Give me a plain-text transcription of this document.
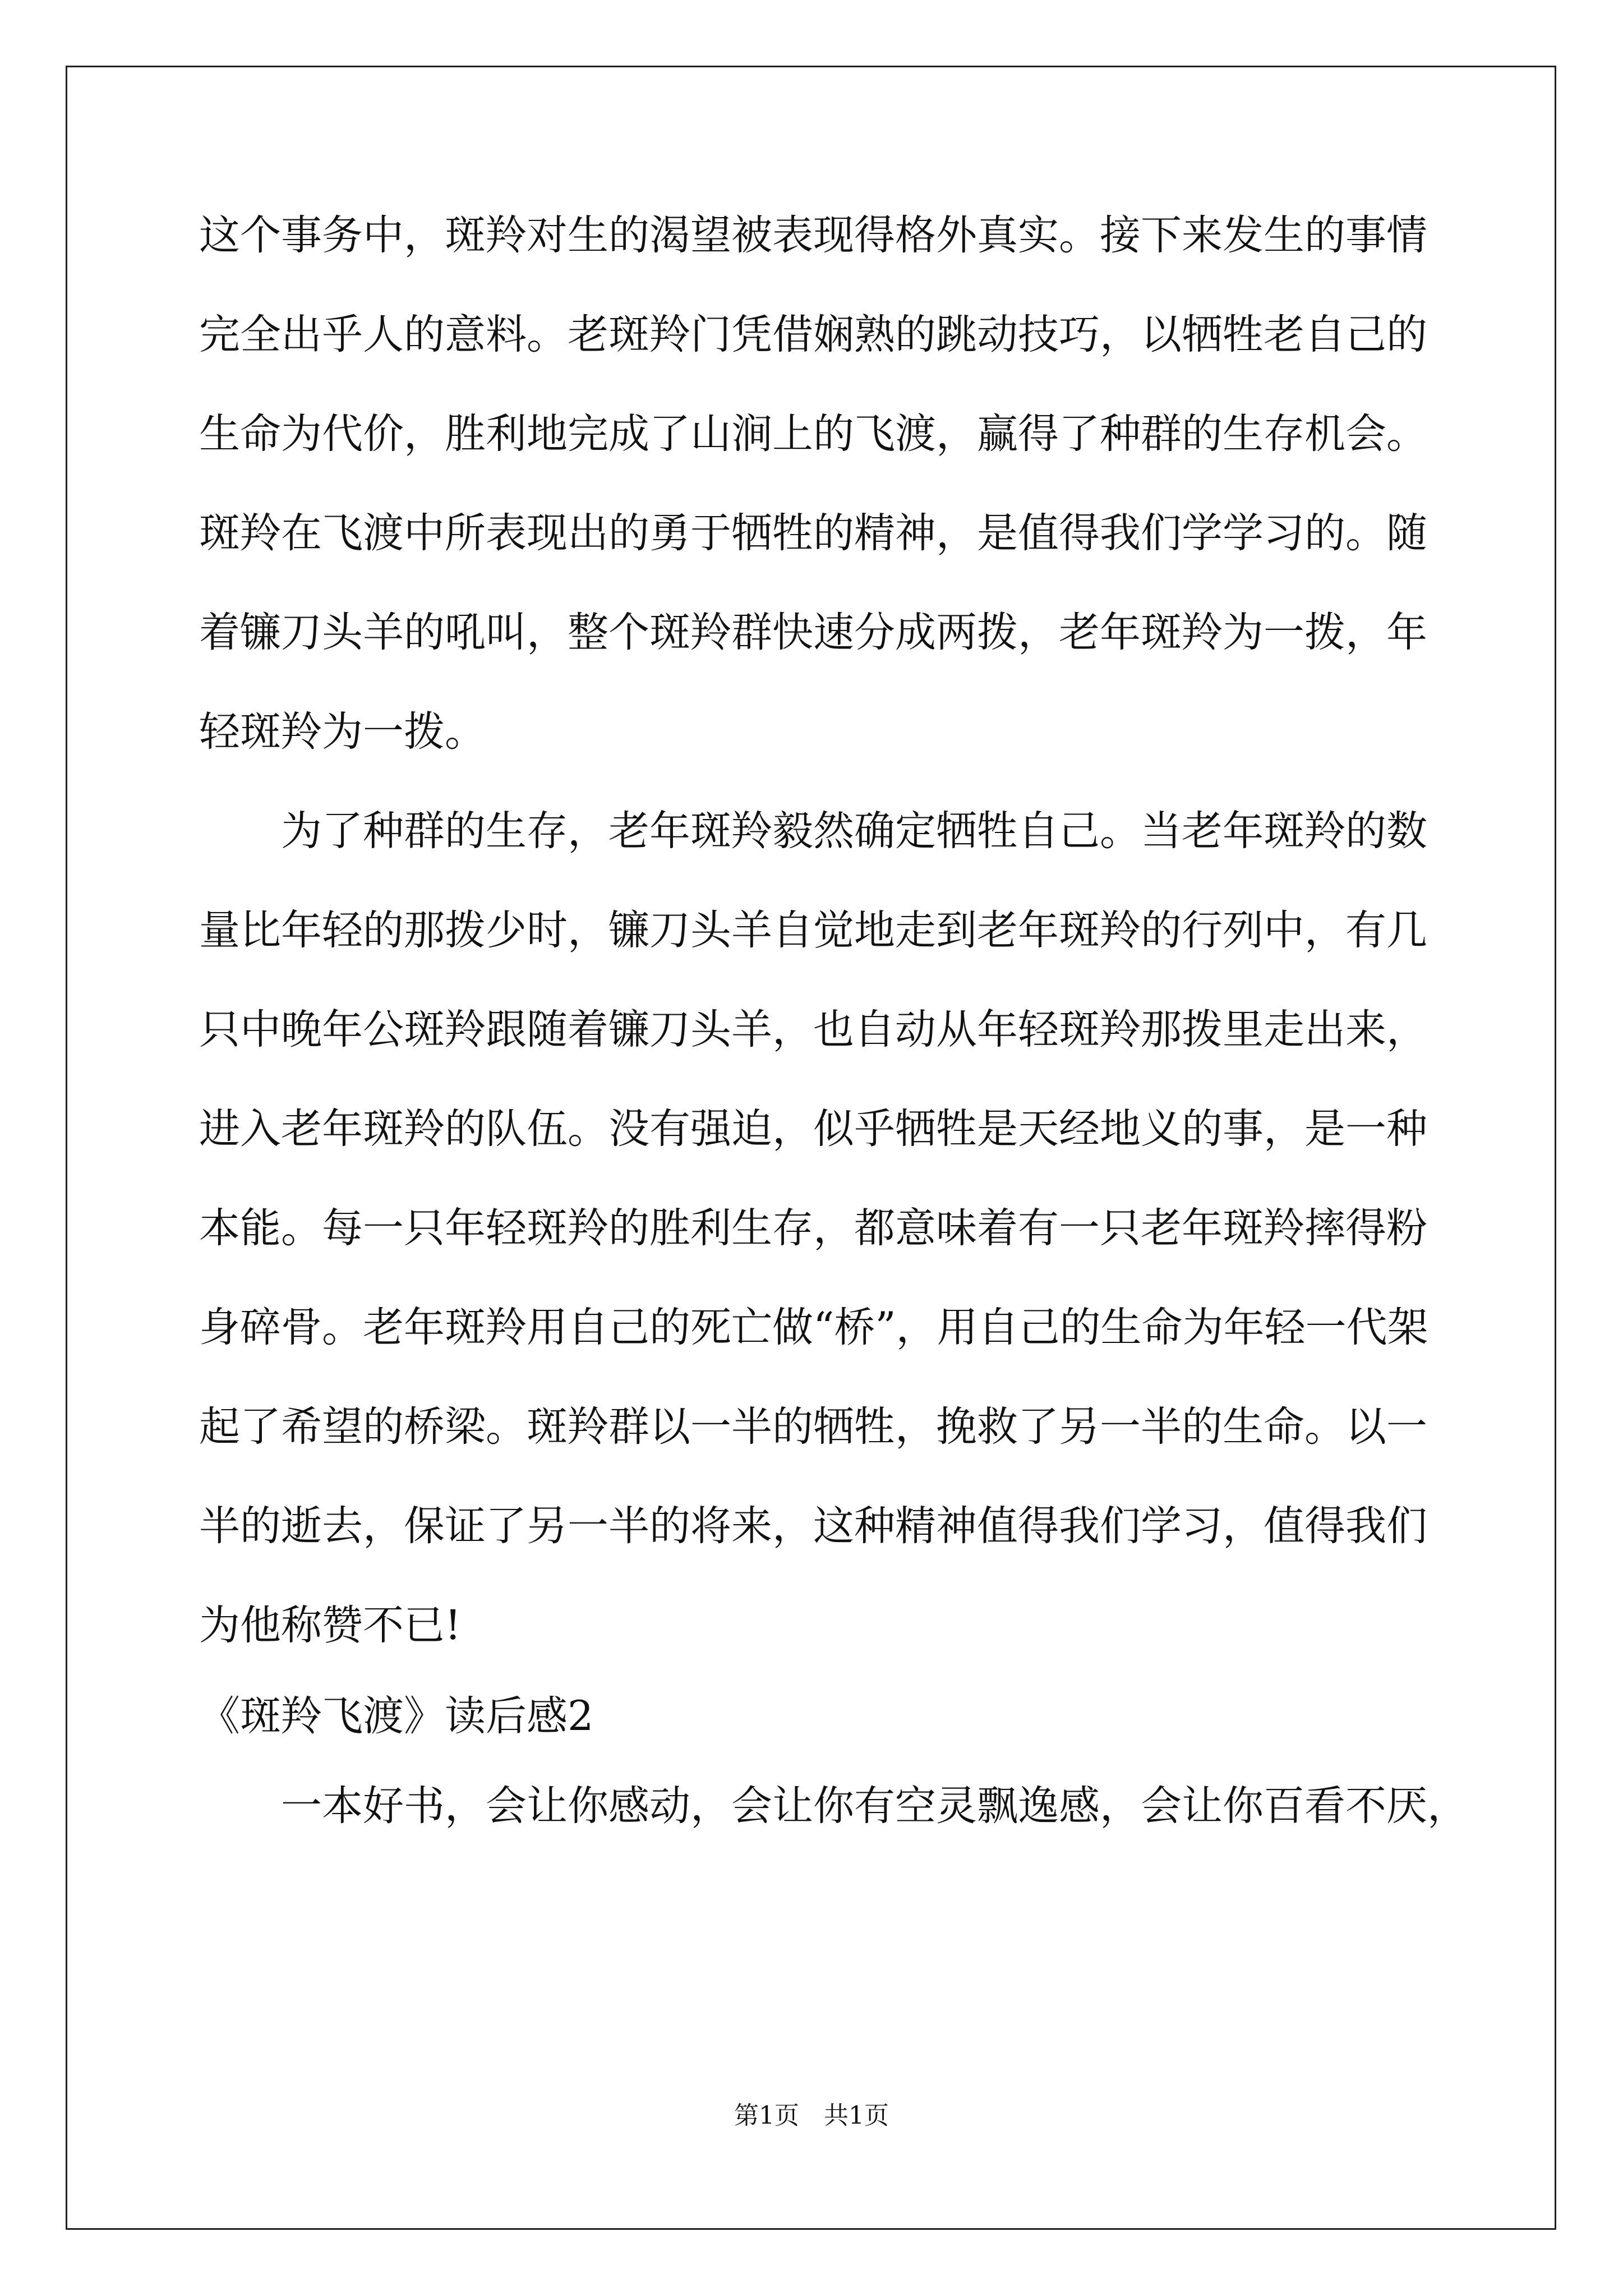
这个事务中，斑羚对生的渴望被表现得格外真实。接下来发生的事情
完全出乎人的意料。老斑羚门凭借娴熟的跳动技巧，以牺牲老自己的
生命为代价，胜利地完成了山涧上的飞渡，赢得了种群的生存机会。
斑羚在飞渡中所表现出的勇于牺牲的精神，是值得我们学学习的。随
着镰刀头羊的吼叫，整个斑羚群快速分成两拨，老年斑羚为一拨，年
轻斑羚为一拨。
　　为了种群的生存，老年斑羚毅然确定牺牲自己。当老年斑羚的数
量比年轻的那拨少时，镰刀头羊自觉地走到老年斑羚的行列中，有几
只中晚年公斑羚跟随着镰刀头羊，也自动从年轻斑羚那拨里走出来，
进入老年斑羚的队伍。没有强迫，似乎牺牲是天经地义的事，是一种
本能。每一只年轻斑羚的胜利生存，都意味着有一只老年斑羚摔得粉
身碎骨。老年斑羚用自己的死亡做“桥”，用自己的生命为年轻一代架
起了希望的桥梁。斑羚群以一半的牺牲，挽救了另一半的生命。以一
半的逝去，保证了另一半的将来，这种精神值得我们学习，值得我们
为他称赞不已!
《斑羚飞渡》读后感2
　　一本好书，会让你感动，会让你有空灵飘逸感，会让你百看不厌，
第1页　共1页
